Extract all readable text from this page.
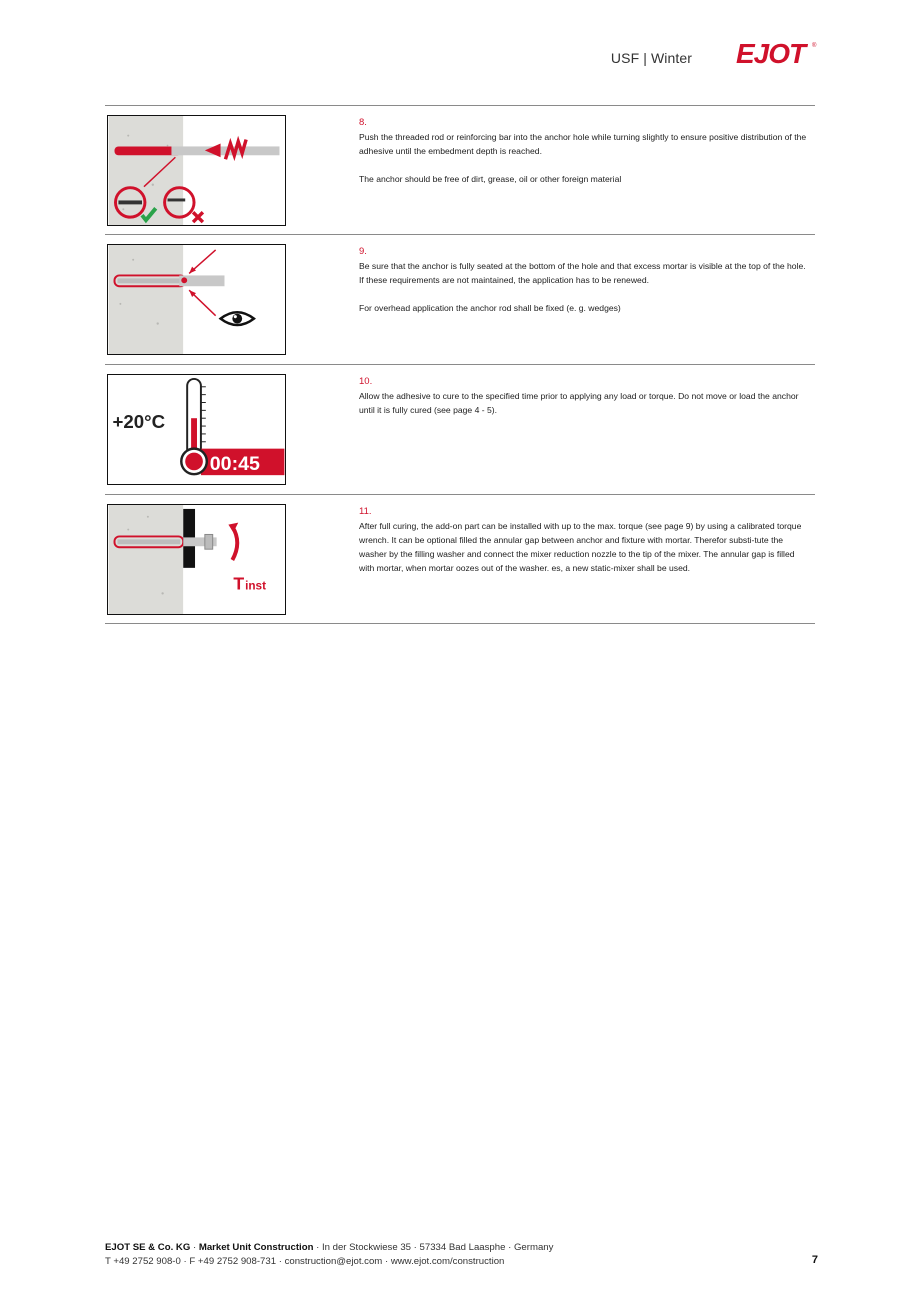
USF | Winter EJOT	®
8.

Push the threaded rod or reinforcing bar into the anchor hole while turning slightly to ensure positive distribution of the adhesive until the embedment depth is reached.

The anchor should be free of dirt, grease, oil or other foreign material

9.

Be sure that the anchor is fully seated at the bottom of the hole and that excess mortar is visible at the top of the hole. If these requirements are not maintained, the application has to be renewed.

For overhead application the anchor rod shall be fixed (e. g. wedges)

+20°C
00:45
10.

Allow the adhesive to cure to the specified time prior to applying any load or torque. Do not move or load the anchor until it is fully cured (see page 4 - 5).

T inst
11.

After full curing, the add-on part can be installed with up to the max. torque (see page 9) by using a calibrated torque wrench. It can be optional filled the annular gap between anchor and fixture with mortar. Therefor substi-tute the washer by the filling washer and connect the mixer reduction nozzle to the tip of the mixer. The annular gap is filled with mortar, when mortar oozes out of the washer. es, a new static-mixer shall be used.

EJOT SE & Co. KG · Market Unit Construction · In der Stockwiese 35 · 57334 Bad Laasphe · Germany
T +49 2752 908-0 · F +49 2752 908-731 · construction@ejot.com · www.ejot.com/construction	7
